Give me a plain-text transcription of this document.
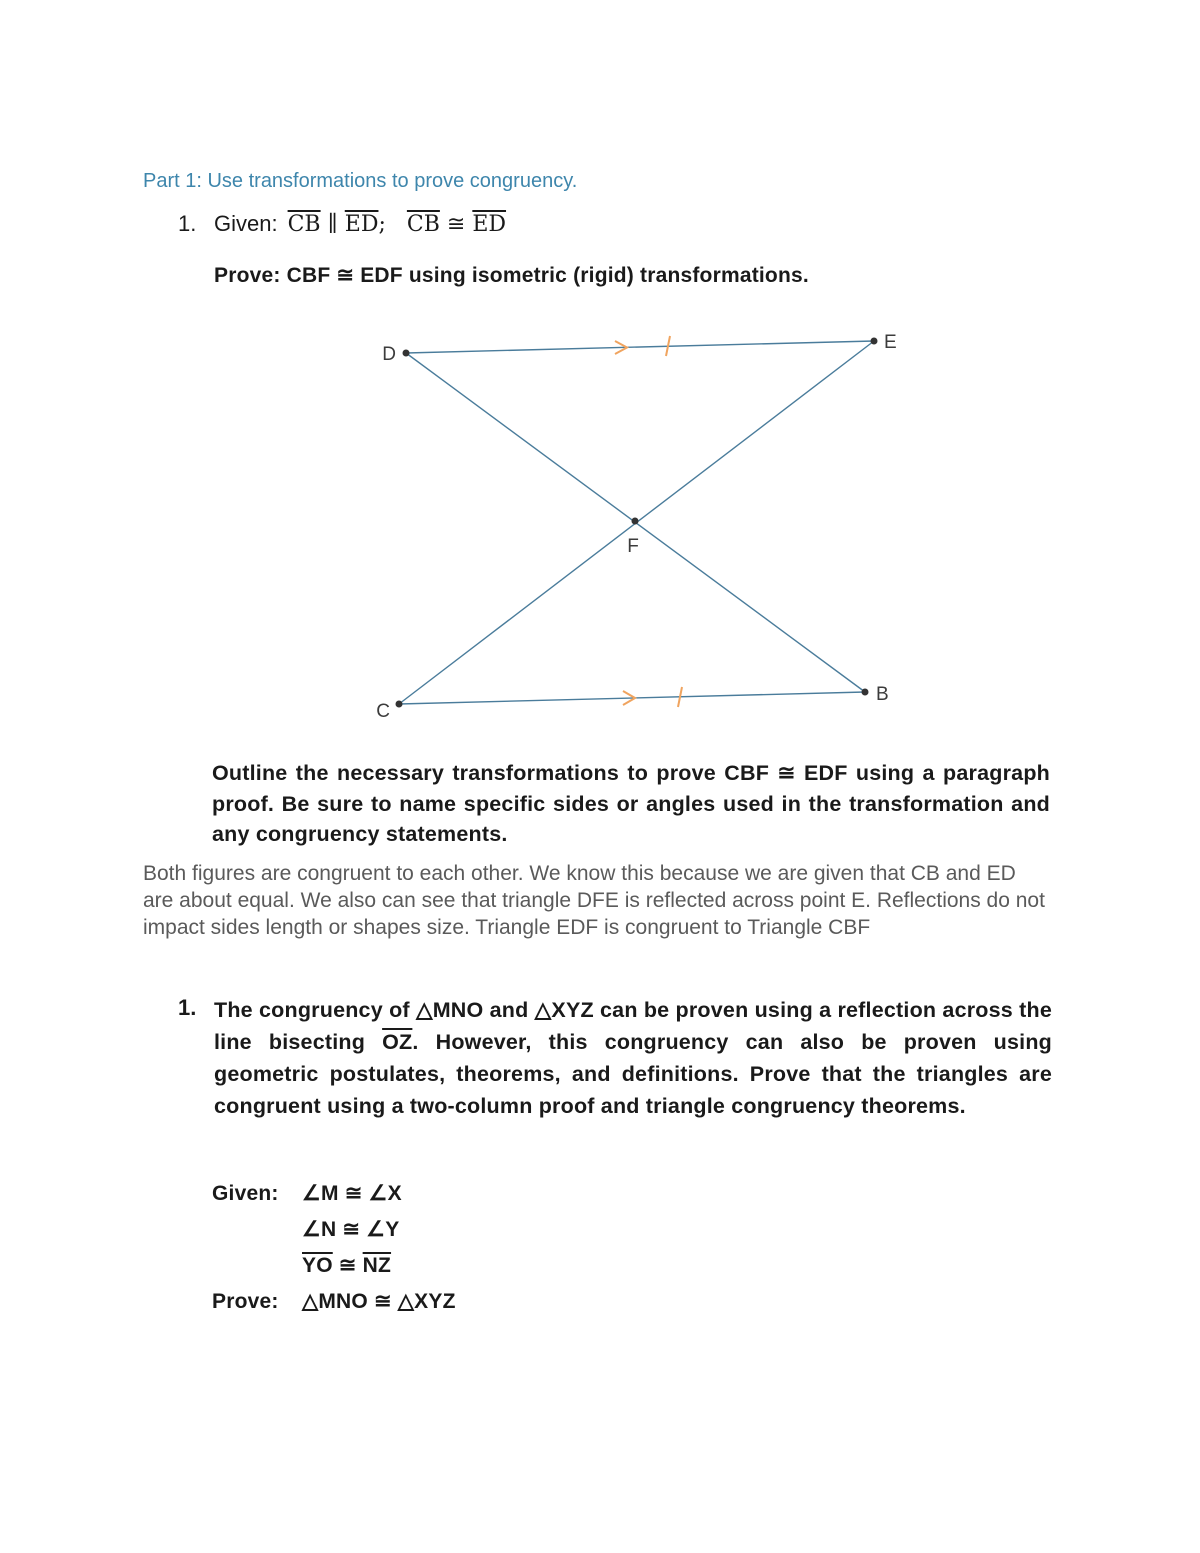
Part 1: Use transformations to prove congruency.
1. Given: $\overline{CB}$ ∥ $\overline{ED}$; $\overline{CB}$ ≅ $\overline{ED}$

Prove: CBF ≅ EDF using isometric (rigid) transformations.

D
E
F
C
B

Outline the necessary transformations to prove CBF ≅ EDF using a paragraph proof. Be sure to name specific sides or angles used in the transformation and any congruency statements.

Both figures are congruent to each other. We know this because we are given that CB and ED are about equal. We also can see that triangle DFE is reflected across point E. Reflections do not impact sides length or shapes size. Triangle EDF is congruent to Triangle CBF

1. The congruency of △MNO and △XYZ can be proven using a reflection across the line bisecting $\overline{OZ}$. However, this congruency can also be proven using geometric postulates, theorems, and definitions. Prove that the triangles are congruent using a two-column proof and triangle congruency theorems.

Given: ∠M ≅ ∠X
∠N ≅ ∠Y
$\overline{YO}$ ≅ $\overline{NZ}$
Prove: △MNO ≅ △XYZ
